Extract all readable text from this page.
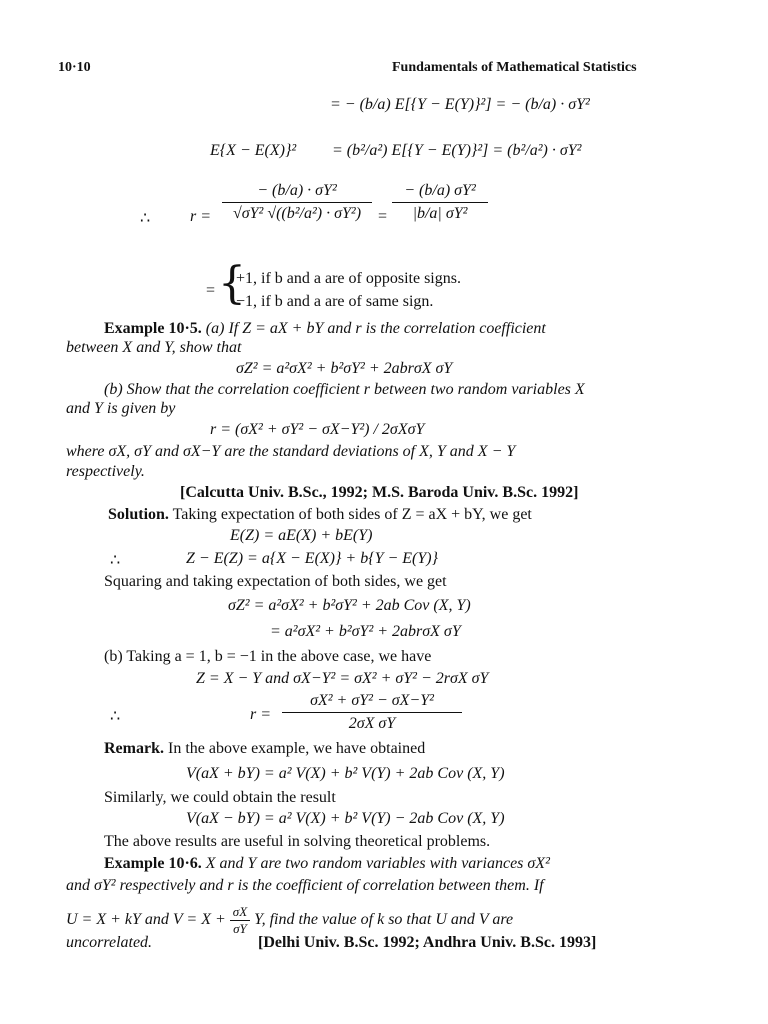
10·10	Fundamentals of Mathematical Statistics
= − (b/a) E[{Y − E(Y)}²] = − (b/a) · σY²
E{X − E(X)}² = (b²/a²) E[{Y − E(Y)}²] = (b²/a²) · σY²
∴ $r = \frac{\text{− (b/a) · σY²}}{\text{√σY² √((b²/a²) · σY²)}} = \frac{\text{− (b/a) σY²}}{\text{|b/a| σY²}}$
= {
+1, if b and a are of opposite signs.
−1, if b and a are of same sign.
Example 10·5. (a) If Z = aX + bY and r is the correlation coefficient
between X and Y, show that
σZ² = a²σX² + b²σY² + 2abrσX σY
(b) Show that the correlation coefficient r between two random variables X
and Y is given by
r = (σX² + σY² − σX−Y²) / 2σXσY
where σX, σY and σX−Y are the standard deviations of X, Y and X − Y
respectively.
[Calcutta Univ. B.Sc., 1992; M.S. Baroda Univ. B.Sc. 1992]
Solution. Taking expectation of both sides of Z = aX + bY, we get
E(Z) = aE(X) + bE(Y)
∴	Z − E(Z) = a{X − E(X)} + b{Y − E(Y)}
Squaring and taking expectation of both sides, we get
σZ² = a²σX² + b²σY² + 2ab Cov (X, Y)
= a²σX² + b²σY² + 2abrσX σY
(b) Taking a = 1, b = −1 in the above case, we have
Z = X − Y and σX−Y² = σX² + σY² − 2rσX σY
∴	$r = \frac{\text{σX² + σY² − σX−Y²}}{\text{2σX σY}}$
Remark. In the above example, we have obtained
V(aX + bY) = a² V(X) + b² V(Y) + 2ab Cov (X, Y)
Similarly, we could obtain the result
V(aX − bY) = a² V(X) + b² V(Y) − 2ab Cov (X, Y)
The above results are useful in solving theoretical problems.
Example 10·6. X and Y are two random variables with variances σX²
and σY² respectively and r is the coefficient of correlation between them. If
U = X + kY and $V = X + \frac{\sigma X}{\sigma Y} Y$, find the value of k so that U and V are
uncorrelated.	[Delhi Univ. B.Sc. 1992; Andhra Univ. B.Sc. 1993]
